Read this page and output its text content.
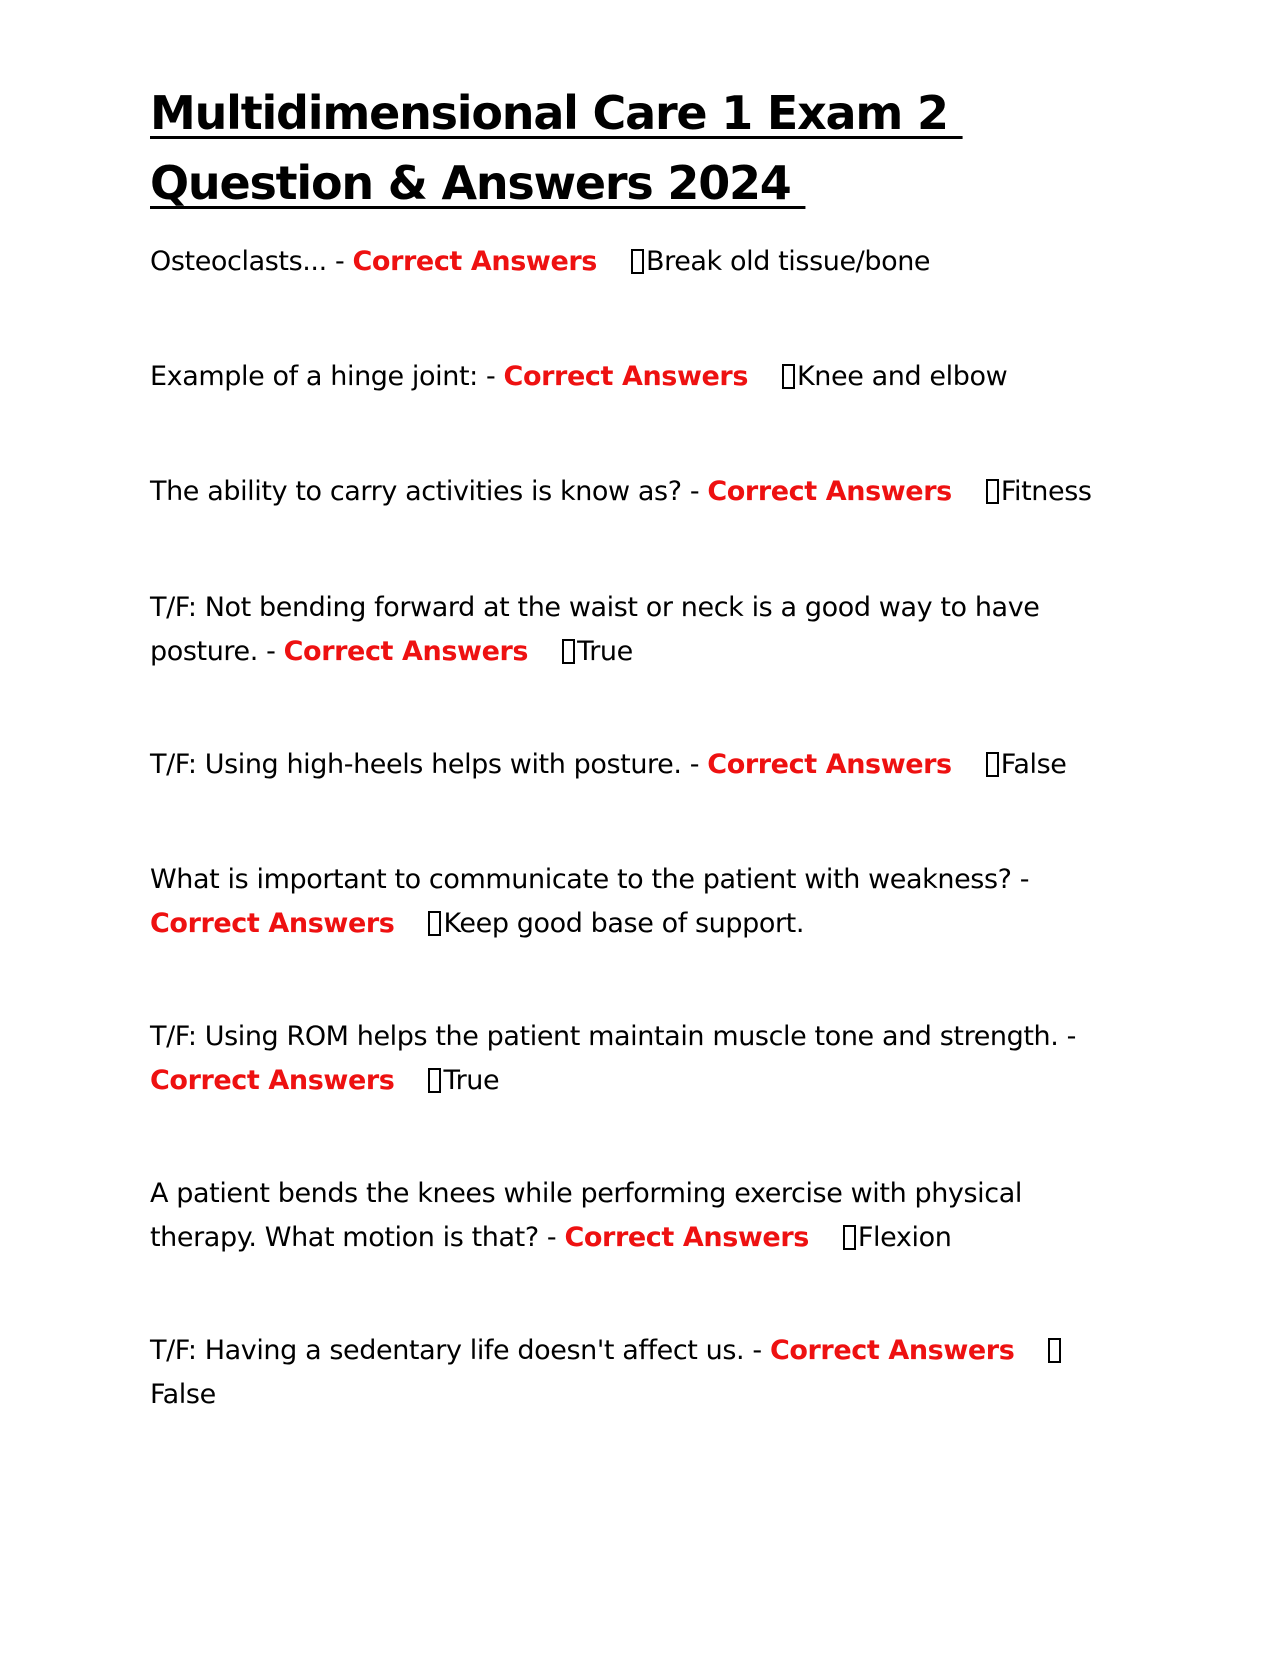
Multidimensional Care 1 Exam 2
Question & Answers 2024

Osteoclasts... - Correct Answers Break old tissue/bone

Example of a hinge joint: - Correct Answers Knee and elbow

The ability to carry activities is know as? - Correct Answers Fitness

T/F: Not bending forward at the waist or neck is a good way to have posture. - Correct Answers True

T/F: Using high-heels helps with posture. - Correct Answers False

What is important to communicate to the patient with weakness? - Correct Answers Keep good base of support.

T/F: Using ROM helps the patient maintain muscle tone and strength. - Correct Answers True

A patient bends the knees while performing exercise with physical therapy. What motion is that? - Correct Answers Flexion

T/F: Having a sedentary life doesn't affect us. - Correct AnswersFalse
